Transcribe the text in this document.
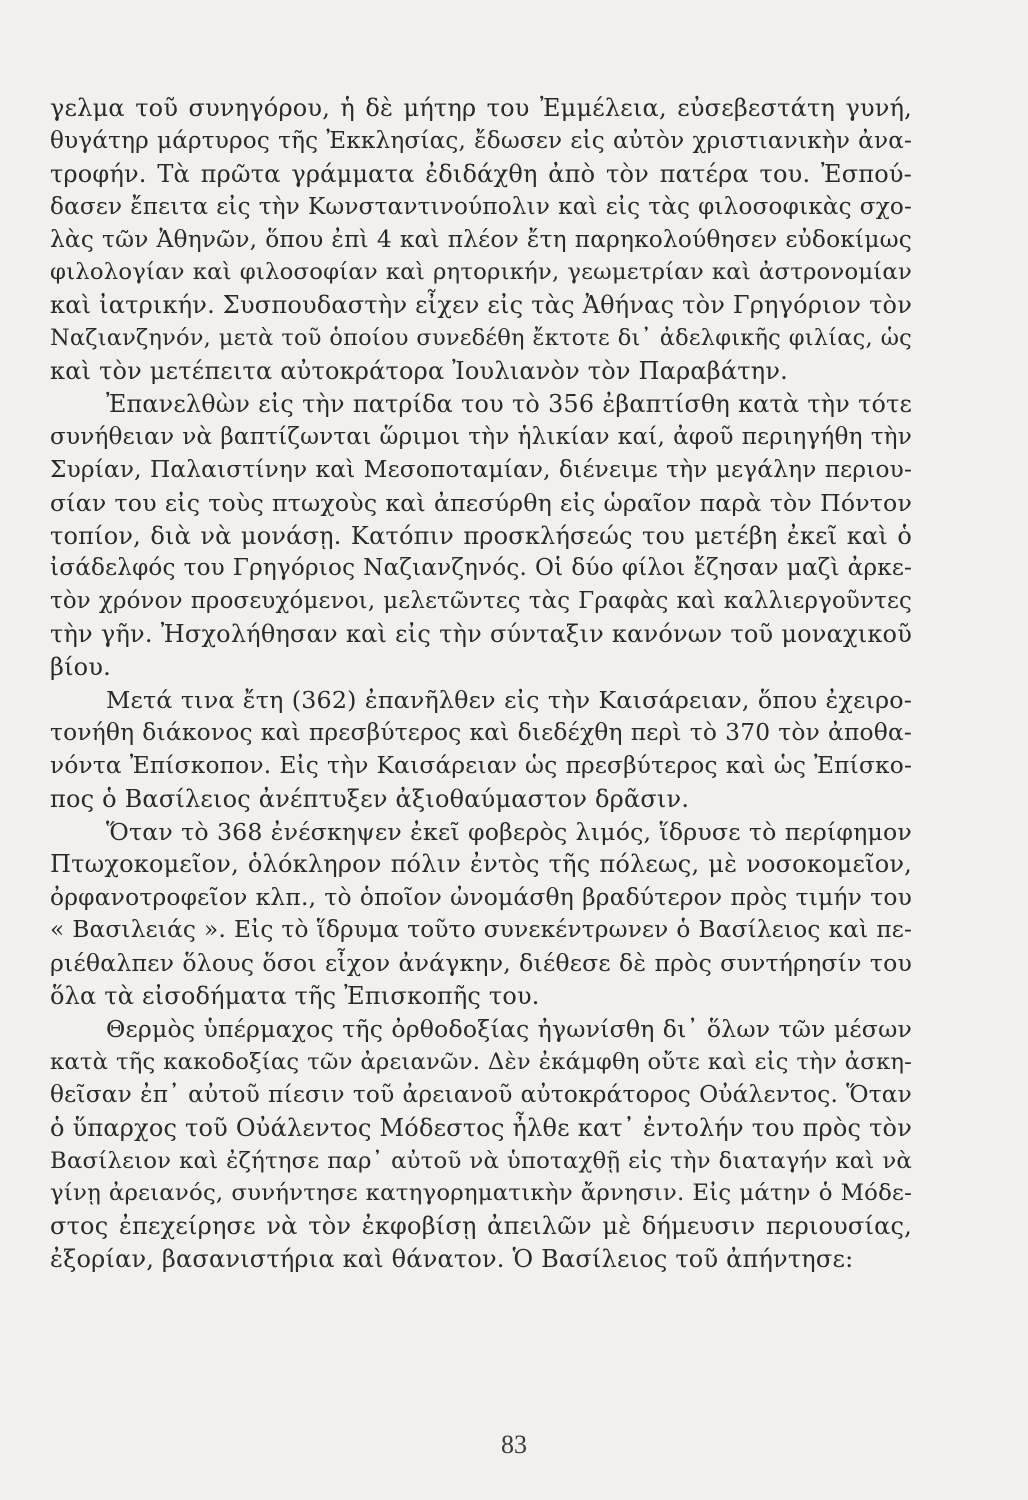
γελμα τοῦ συνηγόρου, ἡ δὲ μήτηρ του Ἐμμέλεια, εὐσεβεστάτη γυνή,
θυγάτηρ μάρτυρος τῆς Ἐκκλησίας, ἔδωσεν εἰς αὐτὸν χριστιανικὴν ἀνα-
τροφήν. Τὰ πρῶτα γράμματα ἐδιδάχθη ἀπὸ τὸν πατέρα του. Ἐσπού-
δασεν ἔπειτα εἰς τὴν Κωνσταντινούπολιν καὶ εἰς τὰς φιλοσοφικὰς σχο-
λὰς τῶν Ἀθηνῶν, ὅπου ἐπὶ 4 καὶ πλέον ἔτη παρηκολούθησεν εὐδοκίμως
φιλολογίαν καὶ φιλοσοφίαν καὶ ρητορικήν, γεωμετρίαν καὶ ἀστρονομίαν
καὶ ἰατρικήν. Συσπουδαστὴν εἶχεν εἰς τὰς Ἀθήνας τὸν Γρηγόριον τὸν
Ναζιανζηνόν, μετὰ τοῦ ὁποίου συνεδέθη ἔκτοτε δι᾽ ἀδελφικῆς φιλίας, ὡς
καὶ τὸν μετέπειτα αὐτοκράτορα Ἰουλιανὸν τὸν Παραβάτην.
Ἐπανελθὼν εἰς τὴν πατρίδα του τὸ 356 ἐβαπτίσθη κατὰ τὴν τότε
συνήθειαν νὰ βαπτίζωνται ὥριμοι τὴν ἡλικίαν καί, ἀφοῦ περιηγήθη τὴν
Συρίαν, Παλαιστίνην καὶ Μεσοποταμίαν, διένειμε τὴν μεγάλην περιου-
σίαν του εἰς τοὺς πτωχοὺς καὶ ἀπεσύρθη εἰς ὡραῖον παρὰ τὸν Πόντον
τοπίον, διὰ νὰ μονάσῃ. Κατόπιν προσκλήσεώς του μετέβη ἐκεῖ καὶ ὁ
ἰσάδελφός του Γρηγόριος Ναζιανζηνός. Οἱ δύο φίλοι ἔζησαν μαζὶ ἀρκε-
τὸν χρόνον προσευχόμενοι, μελετῶντες τὰς Γραφὰς καὶ καλλιεργοῦντες
τὴν γῆν. Ἠσχολήθησαν καὶ εἰς τὴν σύνταξιν κανόνων τοῦ μοναχικοῦ
βίου.
Μετά τινα ἔτη (362) ἐπανῆλθεν εἰς τὴν Καισάρειαν, ὅπου ἐχειρο-
τονήθη διάκονος καὶ πρεσβύτερος καὶ διεδέχθη περὶ τὸ 370 τὸν ἀποθα-
νόντα Ἐπίσκοπον. Εἰς τὴν Καισάρειαν ὡς πρεσβύτερος καὶ ὡς Ἐπίσκο-
πος ὁ Βασίλειος ἀνέπτυξεν ἀξιοθαύμαστον δρᾶσιν.
Ὅταν τὸ 368 ἐνέσκηψεν ἐκεῖ φοβερὸς λιμός, ἵδρυσε τὸ περίφημον
Πτωχοκομεῖον, ὁλόκληρον πόλιν ἐντὸς τῆς πόλεως, μὲ νοσοκομεῖον,
ὀρφανοτροφεῖον κλπ., τὸ ὁποῖον ὠνομάσθη βραδύτερον πρὸς τιμήν του
« Βασιλειάς ». Εἰς τὸ ἵδρυμα τοῦτο συνεκέντρωνεν ὁ Βασίλειος καὶ πε-
ριέθαλπεν ὅλους ὅσοι εἶχον ἀνάγκην, διέθεσε δὲ πρὸς συντήρησίν του
ὅλα τὰ εἰσοδήματα τῆς Ἐπισκοπῆς του.
Θερμὸς ὑπέρμαχος τῆς ὀρθοδοξίας ἠγωνίσθη δι᾽ ὅλων τῶν μέσων
κατὰ τῆς κακοδοξίας τῶν ἀρειανῶν. Δὲν ἐκάμφθη οὔτε καὶ εἰς τὴν ἀσκη-
θεῖσαν ἐπ᾽ αὐτοῦ πίεσιν τοῦ ἀρειανοῦ αὐτοκράτορος Οὐάλεντος. Ὅταν
ὁ ὕπαρχος τοῦ Οὐάλεντος Μόδεστος ἦλθε κατ᾽ ἐντολήν του πρὸς τὸν
Βασίλειον καὶ ἐζήτησε παρ᾽ αὐτοῦ νὰ ὑποταχθῇ εἰς τὴν διαταγήν καὶ νὰ
γίνῃ ἀρειανός, συνήντησε κατηγορηματικὴν ἄρνησιν. Εἰς μάτην ὁ Μόδε-
στος ἐπεχείρησε νὰ τὸν ἐκφοβίσῃ ἀπειλῶν μὲ δήμευσιν περιουσίας,
ἐξορίαν, βασανιστήρια καὶ θάνατον. Ὁ Βασίλειος τοῦ ἀπήντησε:
83
